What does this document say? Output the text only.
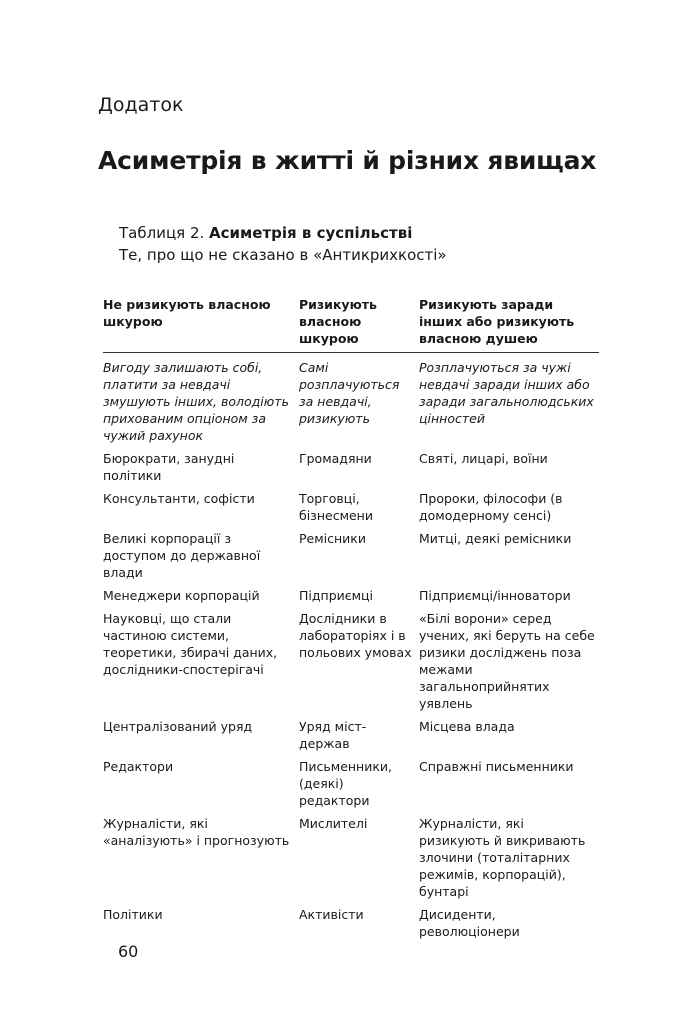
Додаток
Асиметрія в житті й різних явищах
Таблиця 2. Асиметрія в суспільстві
Те, про що не сказано в «Антикрихкості»
Не ризикують власною шкурою	Ризикують власною шкурою	Ризикують заради інших або ризикують власною душею
Вигоду залишають собі, платити за невдачі змушують інших, володіють прихованим опціоном за чужий рахунок	Самі розплачуються за невдачі, ризикують	Розплачуються за чужі невдачі заради інших або заради загальнолюдських цінностей
Бюрократи, занудні політики	Громадяни	Святі, лицарі, воїни
Консультанти, софісти	Торговці, бізнесмени	Пророки, філософи (в домодерному сенсі)
Великі корпорації з доступом до державної влади	Ремісники	Митці, деякі ремісники
Менеджери корпорацій	Підприємці	Підприємці/інноватори
Науковці, що стали частиною системи, теоретики, збирачі даних, дослідники-спостерігачі	Дослідники в лабораторіях і в польових умовах	«Білі ворони» серед учених, які беруть на себе ризики досліджень поза межами загальноприйнятих уявлень
Централізований уряд	Уряд міст-держав	Місцева влада
Редактори	Письменники, (деякі) редактори	Справжні письменники
Журналісти, які «аналізують» і прогнозують	Мислителі	Журналісти, які ризикують й викривають злочини (тоталітарних режимів, корпорацій), бунтарі
Політики	Активісти	Дисиденти, революціонери
60
